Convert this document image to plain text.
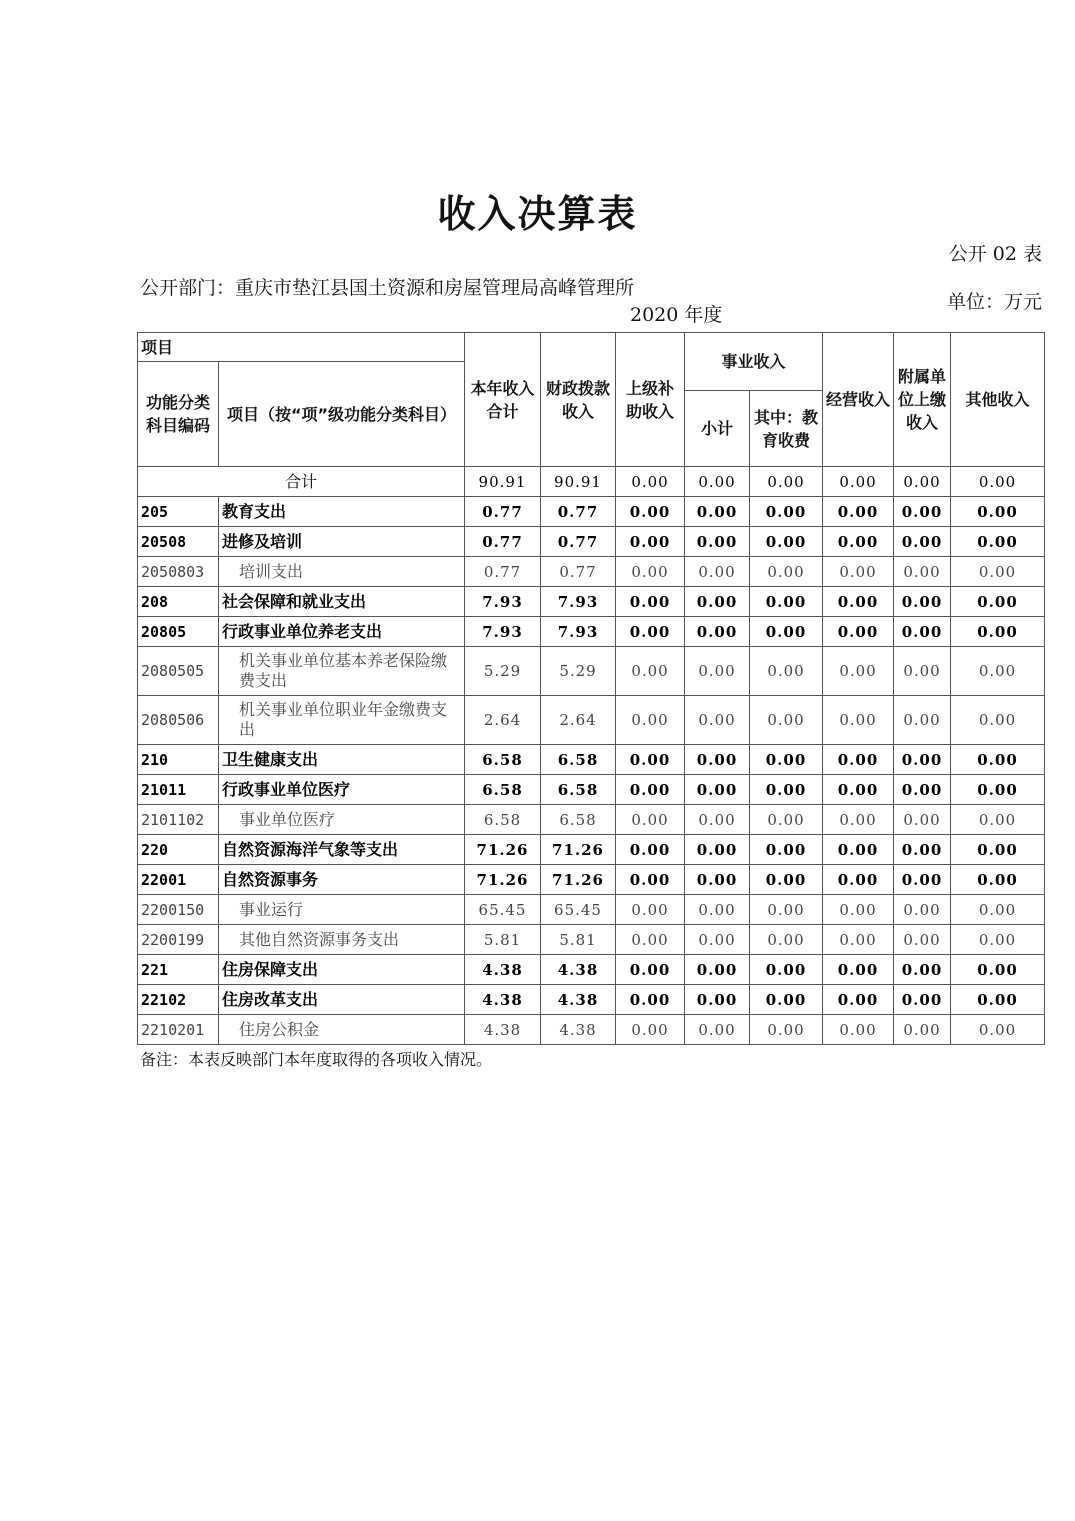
收入决算表
公开 02 表
公开部门：重庆市垫江县国土资源和房屋管理局高峰管理所
单位：万元
2020 年度
项目		本年收入合计	财政拨款收入	上级补助收入	事业收入		经营收入	附属单位上缴收入	其他收入
功能分类科目编码	项目（按“项”级功能分类科目）								
					小计	其中：教育收费			
合计		90.91	90.91	0.00	0.00	0.00	0.00	0.00	0.00
205	教育支出	0.77	0.77	0.00	0.00	0.00	0.00	0.00	0.00
20508	进修及培训	0.77	0.77	0.00	0.00	0.00	0.00	0.00	0.00
2050803	培训支出	0.77	0.77	0.00	0.00	0.00	0.00	0.00	0.00
208	社会保障和就业支出	7.93	7.93	0.00	0.00	0.00	0.00	0.00	0.00
20805	行政事业单位养老支出	7.93	7.93	0.00	0.00	0.00	0.00	0.00	0.00
2080505	机关事业单位基本养老保险缴费支出	5.29	5.29	0.00	0.00	0.00	0.00	0.00	0.00
2080506	机关事业单位职业年金缴费支出	2.64	2.64	0.00	0.00	0.00	0.00	0.00	0.00
210	卫生健康支出	6.58	6.58	0.00	0.00	0.00	0.00	0.00	0.00
21011	行政事业单位医疗	6.58	6.58	0.00	0.00	0.00	0.00	0.00	0.00
2101102	事业单位医疗	6.58	6.58	0.00	0.00	0.00	0.00	0.00	0.00
220	自然资源海洋气象等支出	71.26	71.26	0.00	0.00	0.00	0.00	0.00	0.00
22001	自然资源事务	71.26	71.26	0.00	0.00	0.00	0.00	0.00	0.00
2200150	事业运行	65.45	65.45	0.00	0.00	0.00	0.00	0.00	0.00
2200199	其他自然资源事务支出	5.81	5.81	0.00	0.00	0.00	0.00	0.00	0.00
221	住房保障支出	4.38	4.38	0.00	0.00	0.00	0.00	0.00	0.00
22102	住房改革支出	4.38	4.38	0.00	0.00	0.00	0.00	0.00	0.00
2210201	住房公积金	4.38	4.38	0.00	0.00	0.00	0.00	0.00	0.00
备注：本表反映部门本年度取得的各项收入情况。
